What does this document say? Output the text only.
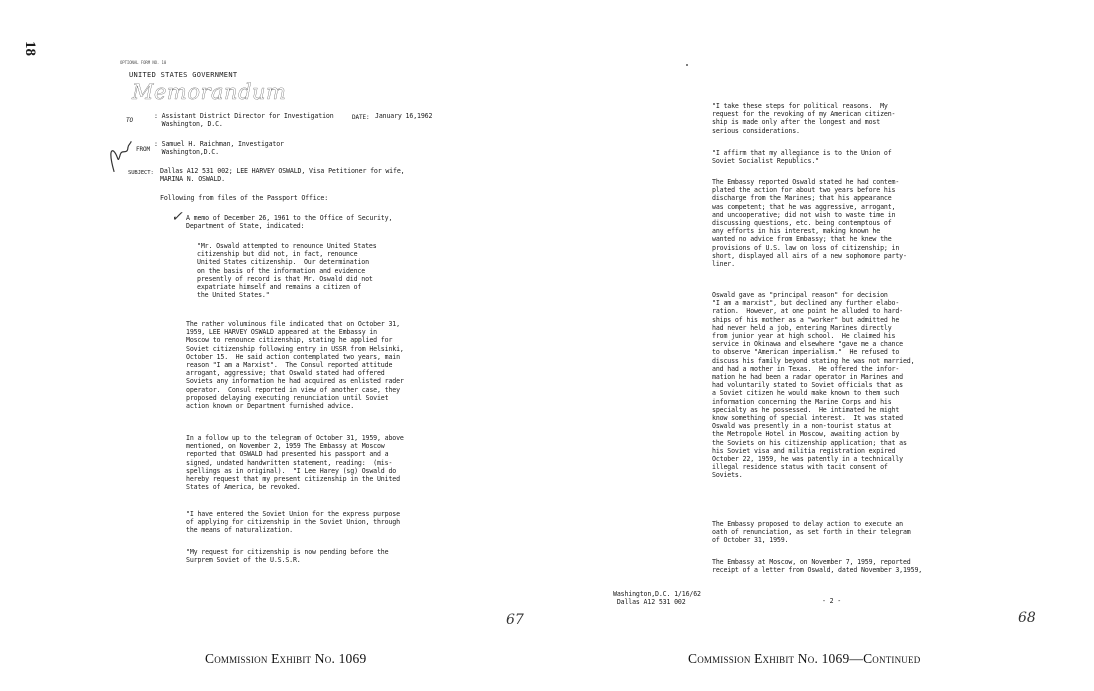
18
OPTIONAL FORM NO. 10
UNITED STATES GOVERNMENT
Memorandum
TO
: Assistant District Director for Investigation
Washington, D.C.
DATE: January 16,1962
FROM
: Samuel H. Raichman, Investigator
Washington,D.C.
SUBJECT: Dallas A12 531 002; LEE HARVEY OSWALD, Visa Petitioner for wife,
MARINA N. OSWALD.
Following from files of the Passport Office:
✓ A memo of December 26, 1961 to the Office of Security,
Department of State, indicated:
"Mr. Oswald attempted to renounce United States
citizenship but did not, in fact, renounce
United States citizenship.  Our determination
on the basis of the information and evidence
presently of record is that Mr. Oswald did not
expatriate himself and remains a citizen of
the United States."
The rather voluminous file indicated that on October 31,
1959, LEE HARVEY OSWALD appeared at the Embassy in
Moscow to renounce citizenship, stating he applied for
Soviet citizenship following entry in USSR from Helsinki,
October 15.  He said action contemplated two years, main
reason "I am a Marxist".  The Consul reported attitude
arrogant, aggressive; that Oswald stated had offered
Soviets any information he had acquired as enlisted rader
operator.  Consul reported in view of another case, they
proposed delaying executing renunciation until Soviet
action known or Department furnished advice.
In a follow up to the telegram of October 31, 1959, above
mentioned, on November 2, 1959 The Embassy at Moscow
reported that OSWALD had presented his passport and a
signed, undated handwritten statement, reading:  (mis-
spellings as in original).  "I Lee Harey (sg) Oswald do
hereby request that my present citizenship in the United
States of America, be revoked.
"I have entered the Soviet Union for the express purpose
of applying for citizenship in the Soviet Union, through
the means of naturalization.
"My request for citizenship is now pending before the
Surprem Soviet of the U.S.S.R.
67
Commission Exhibit No. 1069
"I take these steps for political reasons.  My
request for the revoking of my American citizen-
ship is made only after the longest and most
serious considerations.
"I affirm that my allegiance is to the Union of
Soviet Socialist Republics."
The Embassy reported Oswald stated he had contem-
plated the action for about two years before his
discharge from the Marines; that his appearance
was competent; that he was aggressive, arrogant,
and uncooperative; did not wish to waste time in
discussing questions, etc. being contemptous of
any efforts in his interest, making known he
wanted no advice from Embassy; that he knew the
provisions of U.S. law on loss of citizenship; in
short, displayed all airs of a new sophomore party-
liner.
Oswald gave as "principal reason" for decision
"I am a marxist", but declined any further elabo-
ration.  However, at one point he alluded to hard-
ships of his mother as a "worker" but admitted he
had never held a job, entering Marines directly
from junior year at high school.  He claimed his
service in Okinawa and elsewhere "gave me a chance
to observe "American imperialism."  He refused to
discuss his family beyond stating he was not married,
and had a mother in Texas.  He offered the infor-
mation he had been a radar operator in Marines and
had voluntarily stated to Soviet officials that as
a Soviet citizen he would make known to them such
information concerning the Marine Corps and his
specialty as he possessed.  He intimated he might
know something of special interest.  It was stated
Oswald was presently in a non-tourist status at
the Metropole Hotel in Moscow, awaiting action by
the Soviets on his citizenship application; that as
his Soviet visa and militia registration expired
October 22, 1959, he was patently in a technically
illegal residence status with tacit consent of
Soviets.
The Embassy proposed to delay action to execute an
oath of renunciation, as set forth in their telegram
of October 31, 1959.
The Embassy at Moscow, on November 7, 1959, reported
receipt of a letter from Oswald, dated November 3,1959,
Washington,D.C. 1/16/62
Dallas A12 531 002	- 2 -
68
Commission Exhibit No. 1069—Continued
